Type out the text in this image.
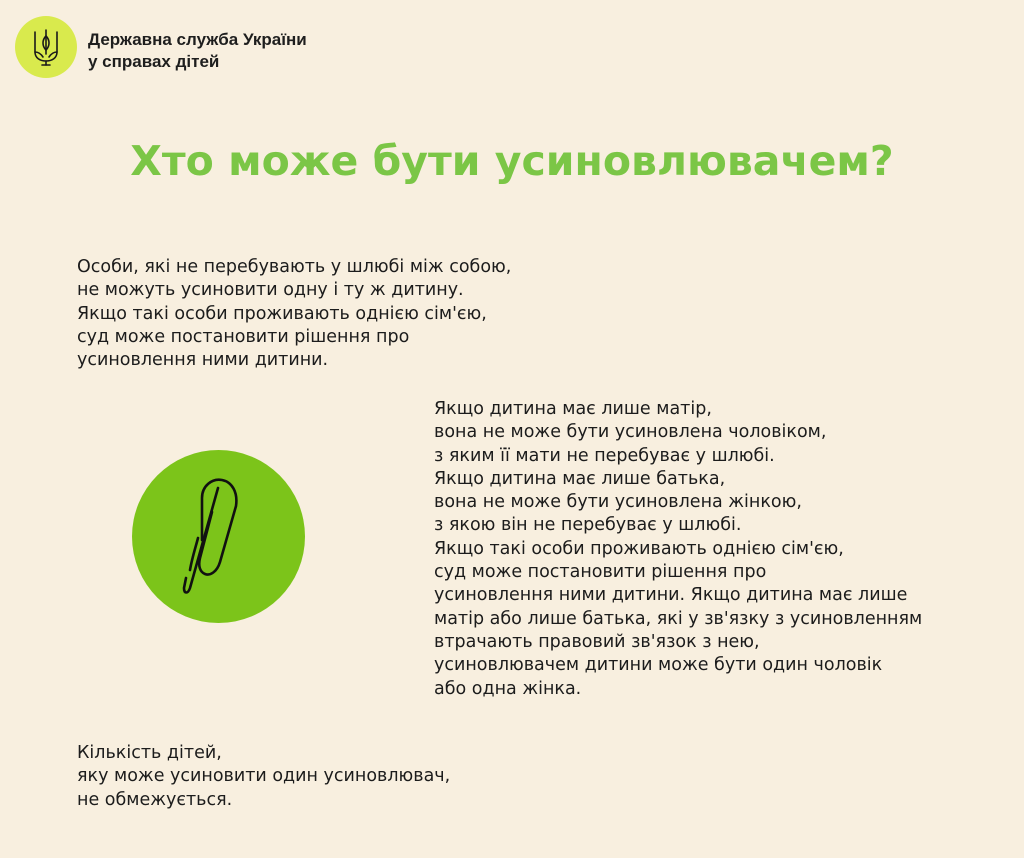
Державна служба України
у справах дітей
Хто може бути усиновлювачем?
Особи, які не перебувають у шлюбі між собою,
не можуть усиновити одну і ту ж дитину.
Якщо такі особи проживають однією сім'єю,
суд може постановити рішення про
усиновлення ними дитини.
Якщо дитина має лише матір,
вона не може бути усиновлена чоловіком,
з яким її мати не перебуває у шлюбі.
Якщо дитина має лише батька,
вона не може бути усиновлена жінкою,
з якою він не перебуває у шлюбі.
Якщо такі особи проживають однією сім'єю,
суд може постановити рішення про
усиновлення ними дитини. Якщо дитина має лише
матір або лише батька, які у зв'язку з усиновленням
втрачають правовий зв'язок з нею,
усиновлювачем дитини може бути один чоловік
або одна жінка.
Кількість дітей,
яку може усиновити один усиновлювач,
не обмежується.
